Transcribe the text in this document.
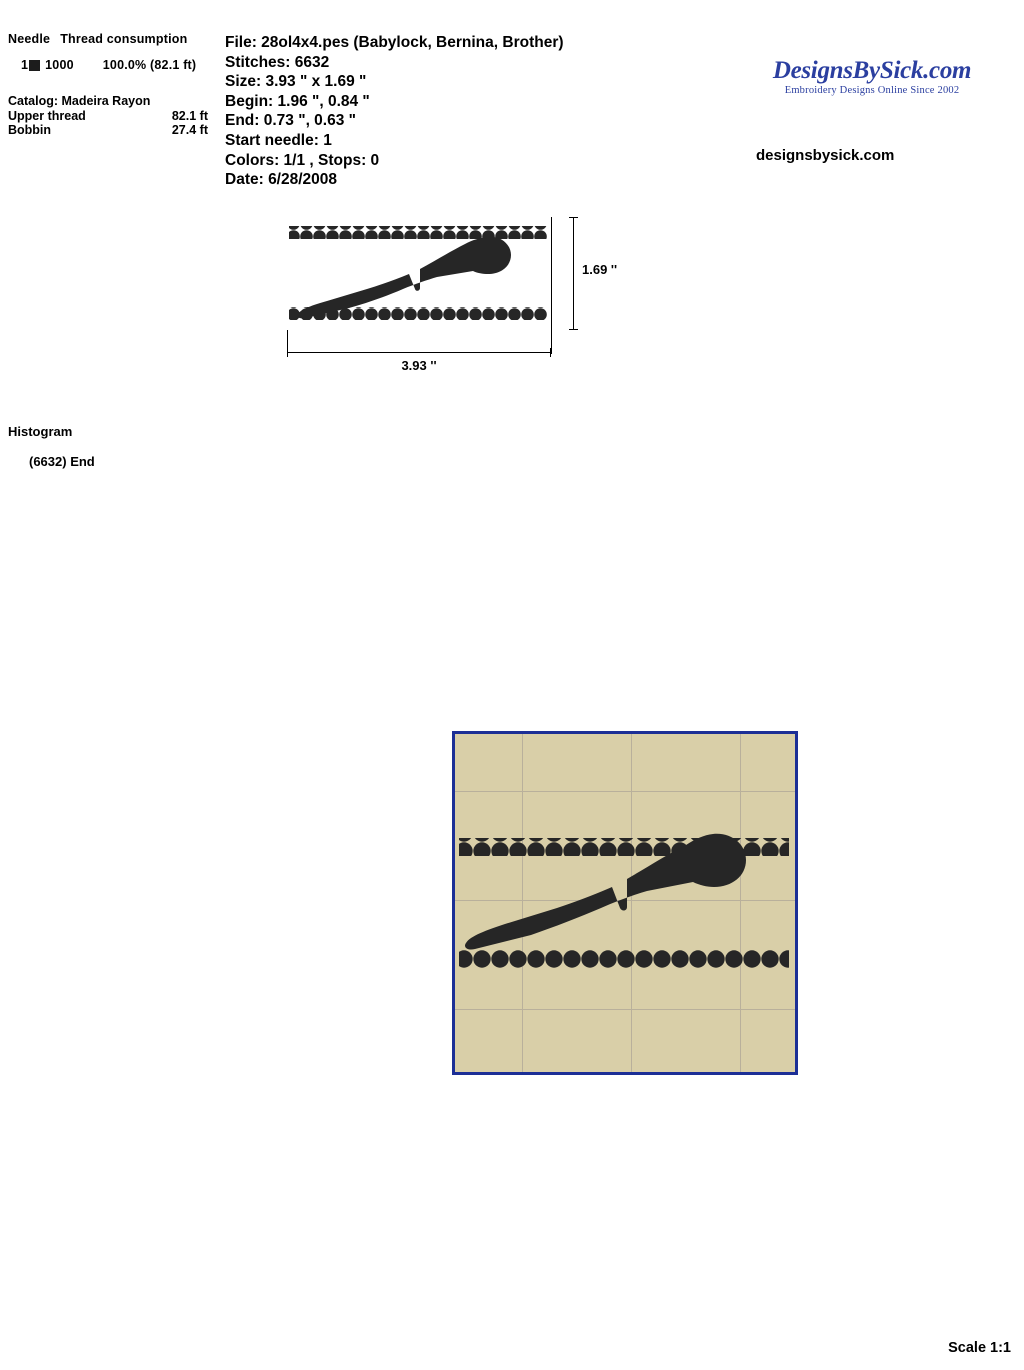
Needle Thread consumption
1 1000 100.0% (82.1 ft)
Catalog: Madeira Rayon
Upper thread	82.1 ft
Bobbin	27.4 ft
File: 28ol4x4.pes (Babylock, Bernina, Brother)
Stitches: 6632
Size: 3.93 " x 1.69 "
Begin: 1.96 ", 0.84 "
End: 0.73 ", 0.63 "
Start needle: 1
Colors: 1/1 , Stops: 0
Date: 6/28/2008
DesignsBySick.com
Embroidery Designs Online Since 2002
designsbysick.com
1.69 ''
3.93 ''
Histogram
(6632) End
Scale 1:1
